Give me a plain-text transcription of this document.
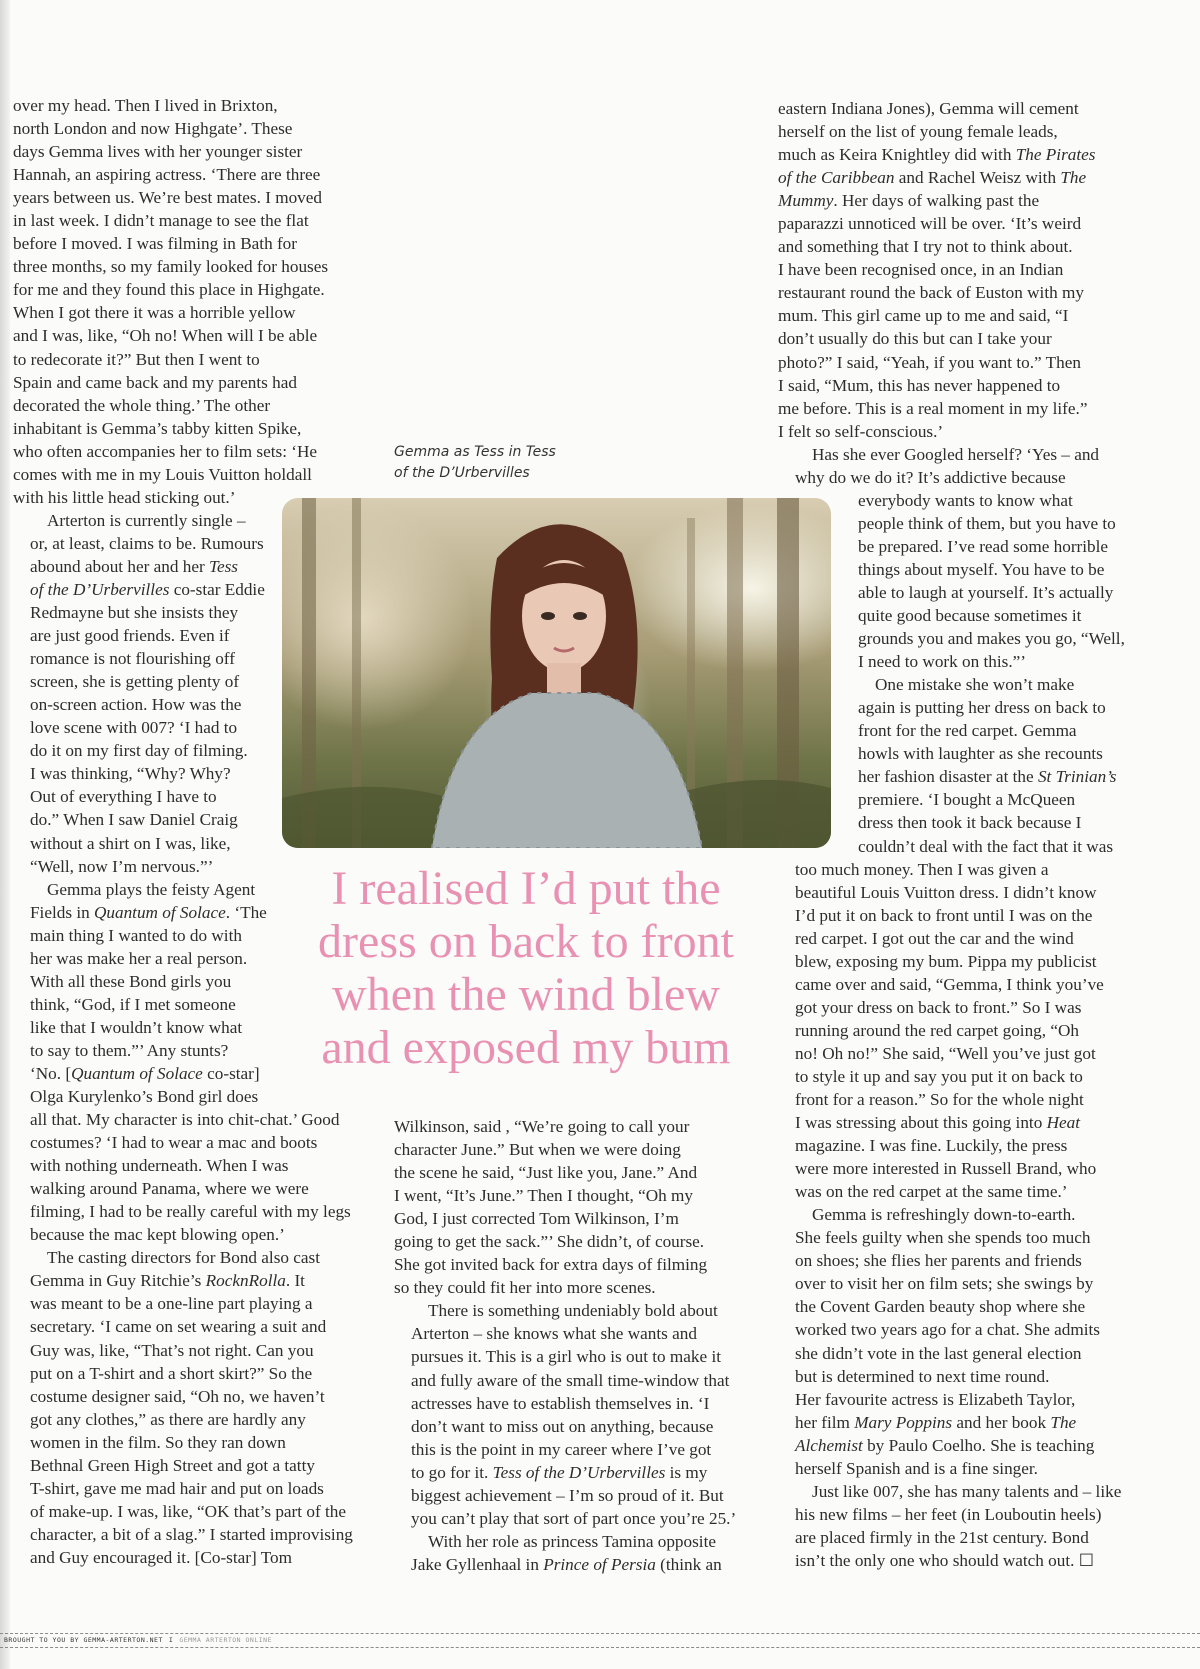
over my head. Then I lived in Brixton,
north London and now Highgate’. These
days Gemma lives with her younger sister
Hannah, an aspiring actress. ‘There are three
years between us. We’re best mates. I moved
in last week. I didn’t manage to see the flat
before I moved. I was filming in Bath for
three months, so my family looked for houses
for me and they found this place in Highgate.
When I got there it was a horrible yellow
and I was, like, “Oh no! When will I be able
to redecorate it?” But then I went to
Spain and came back and my parents had
decorated the whole thing.’ The other
inhabitant is Gemma’s tabby kitten Spike,
who often accompanies her to film sets: ‘He
comes with me in my Louis Vuitton holdall
with his little head sticking out.’

Arterton is currently single –
or, at least, claims to be. Rumours
abound about her and her Tess
of the D’Urbervilles co-star Eddie
Redmayne but she insists they
are just good friends. Even if
romance is not flourishing off
screen, she is getting plenty of
on-screen action. How was the
love scene with 007? ‘I had to
do it on my first day of filming.
I was thinking, “Why? Why?
Out of everything I have to
do.” When I saw Daniel Craig
without a shirt on I was, like,
“Well, now I’m nervous.”’

Gemma plays the feisty Agent
Fields in Quantum of Solace. ‘The
main thing I wanted to do with
her was make her a real person.
With all these Bond girls you
think, “God, if I met someone
like that I wouldn’t know what
to say to them.”’ Any stunts?
‘No. [Quantum of Solace co-star]
Olga Kurylenko’s Bond girl does
all that. My character is into chit-chat.’ Good
costumes? ‘I had to wear a mac and boots
with nothing underneath. When I was
walking around Panama, where we were
filming, I had to be really careful with my legs
because the mac kept blowing open.’

The casting directors for Bond also cast
Gemma in Guy Ritchie’s RocknRolla. It
was meant to be a one-line part playing a
secretary. ‘I came on set wearing a suit and
Guy was, like, “That’s not right. Can you
put on a T-shirt and a short skirt?” So the
costume designer said, “Oh no, we haven’t
got any clothes,” as there are hardly any
women in the film. So they ran down
Bethnal Green High Street and got a tatty
T-shirt, gave me mad hair and put on loads
of make-up. I was, like, “OK that’s part of the
character, a bit of a slag.” I started improvising
and Guy encouraged it. [Co-star] Tom

Gemma as Tess in Tess
of the D’Urbervilles
I realised I’d put the
dress on back to front
when the wind blew
and exposed my bum

Wilkinson, said , “We’re going to call your
character June.” But when we were doing
the scene he said, “Just like you, Jane.” And
I went, “It’s June.” Then I thought, “Oh my
God, I just corrected Tom Wilkinson, I’m
going to get the sack.”’ She didn’t, of course.
She got invited back for extra days of filming
so they could fit her into more scenes.

There is something undeniably bold about
Arterton – she knows what she wants and
pursues it. This is a girl who is out to make it
and fully aware of the small time-window that
actresses have to establish themselves in. ‘I
don’t want to miss out on anything, because
this is the point in my career where I’ve got
to go for it. Tess of the D’Urbervilles is my
biggest achievement – I’m so proud of it. But
you can’t play that sort of part once you’re 25.’

With her role as princess Tamina opposite
Jake Gyllenhaal in Prince of Persia (think an

eastern Indiana Jones), Gemma will cement
herself on the list of young female leads,
much as Keira Knightley did with The Pirates
of the Caribbean and Rachel Weisz with The
Mummy. Her days of walking past the
paparazzi unnoticed will be over. ‘It’s weird
and something that I try not to think about.
I have been recognised once, in an Indian
restaurant round the back of Euston with my
mum. This girl came up to me and said, “I
don’t usually do this but can I take your
photo?” I said, “Yeah, if you want to.” Then
I said, “Mum, this has never happened to
me before. This is a real moment in my life.”
I felt so self-conscious.’

Has she ever Googled herself? ‘Yes – and
why do we do it? It’s addictive because
everybody wants to know what
people think of them, but you have to
be prepared. I’ve read some horrible
things about myself. You have to be
able to laugh at yourself. It’s actually
quite good because sometimes it
grounds you and makes you go, “Well,
I need to work on this.”’

One mistake she won’t make
again is putting her dress on back to
front for the red carpet. Gemma
howls with laughter as she recounts
her fashion disaster at the St Trinian’s
premiere. ‘I bought a McQueen
dress then took it back because I
couldn’t deal with the fact that it was
too much money. Then I was given a
beautiful Louis Vuitton dress. I didn’t know
I’d put it on back to front until I was on the
red carpet. I got out the car and the wind
blew, exposing my bum. Pippa my publicist
came over and said, “Gemma, I think you’ve
got your dress on back to front.” So I was
running around the red carpet going, “Oh
no! Oh no!” She said, “Well you’ve just got
to style it up and say you put it on back to
front for a reason.” So for the whole night
I was stressing about this going into Heat
magazine. I was fine. Luckily, the press
were more interested in Russell Brand, who
was on the red carpet at the same time.’

Gemma is refreshingly down-to-earth.
She feels guilty when she spends too much
on shoes; she flies her parents and friends
over to visit her on film sets; she swings by
the Covent Garden beauty shop where she
worked two years ago for a chat. She admits
she didn’t vote in the last general election
but is determined to next time round.
Her favourite actress is Elizabeth Taylor,
her film Mary Poppins and her book The
Alchemist by Paulo Coelho. She is teaching
herself Spanish and is a fine singer.

Just like 007, she has many talents and – like
his new films – her feet (in Louboutin heels)
are placed firmly in the 21st century. Bond
isn’t the only one who should watch out. ☐

BROUGHT TO YOU BY GEMMA-ARTERTON.NET I GEMMA ARTERTON ONLINE
